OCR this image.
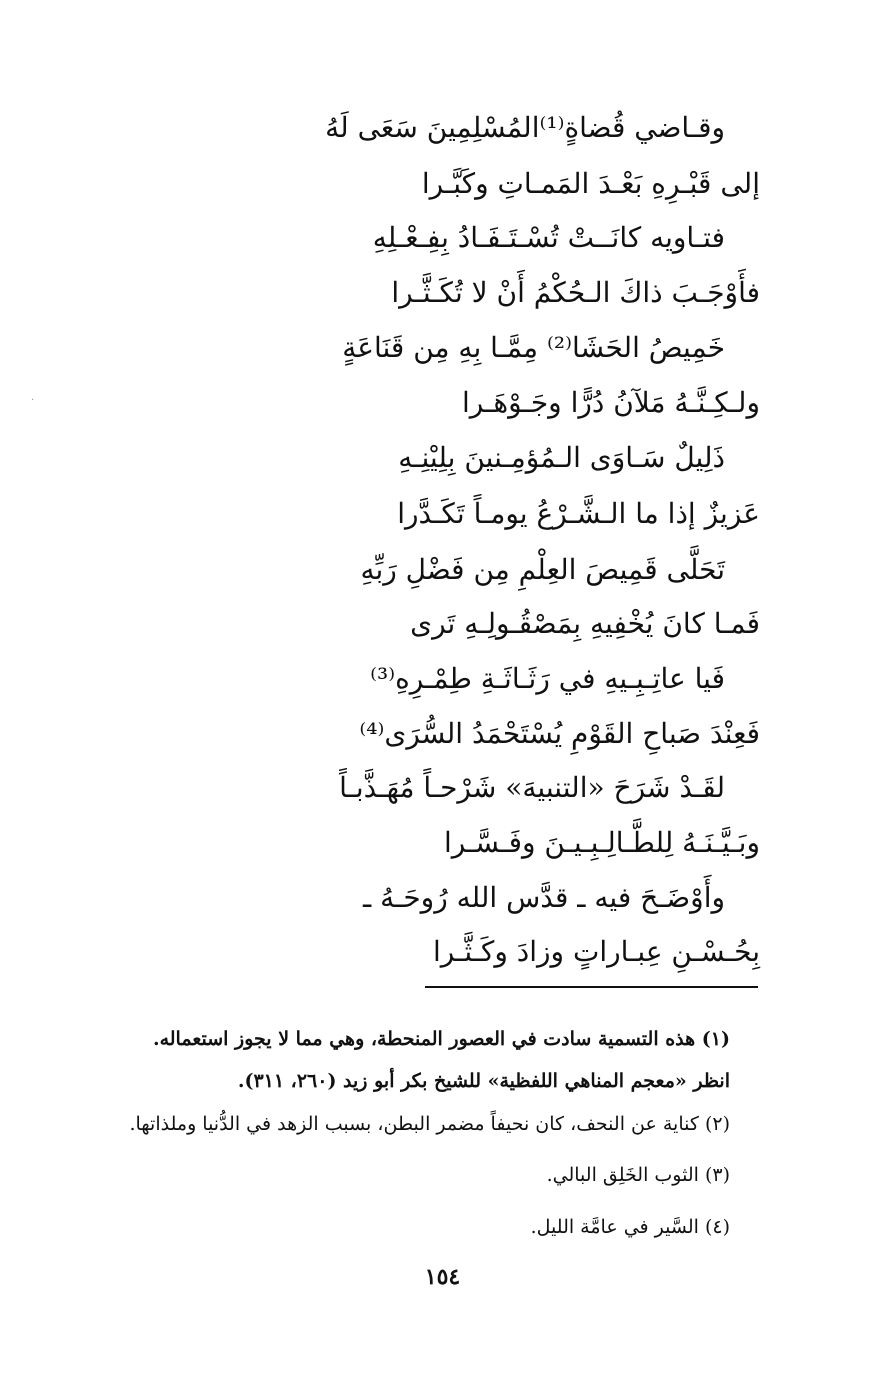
وقـاضي قُضاةٍ⁽¹⁾المُسْلِمِينَ سَعَى لَهُ
إلى قَبْـرِهِ بَعْـدَ المَمـاتِ وكَبَّـرا
فتـاويه كانَــتْ تُسْـتَـفَـادُ بِفِـعْـلِهِ
فأَوْجَـبَ ذاكَ الـحُكْمُ أَنْ لا تُكَـثَّـرا
خَمِيصُ الحَشَا⁽²⁾ مِمَّـا بِهِ مِن قَنَاعَةٍ
ولـكِـنَّـهُ مَلآنُ دُرًّا وجَـوْهَـرا
ذَلِيلٌ سَـاوَى الـمُؤمِـنينَ بِلِيْنِـهِ
عَزيزٌ إذا ما الـشَّـرْعُ يومـاً تَكَـدَّرا
تَحَلَّى قَمِيصَ العِلْمِ مِن فَضْلِ رَبِّهِ
فَمـا كانَ يُخْفِيهِ بِمَصْقُـولِـهِ تَرى
فَيا عاتِـبِـيهِ في رَثَـاثَـةِ طِمْـرِهِ⁽³⁾
فَعِنْدَ صَباحِ القَوْمِ يُسْتَحْمَدُ السُّرَى⁽⁴⁾
لقَـدْ شَرَحَ «التنبيهَ» شَرْحـاً مُهَـذَّبـاً
وبَـيَّـنَـهُ لِلطَّـالِـبِـيـنَ وفَـسَّـرا
وأَوْضَـحَ فيه ـ قدَّس الله رُوحَـهُ ـ
بِحُـسْـنِ عِبـاراتٍ وزادَ وكَـثَّـرا
·
(١) هذه التسمية سادت في العصور المنحطة، وهي مما لا يجوز استعماله.
انظر «معجم المناهي اللفظية» للشيخ بكر أبو زيد (٢٦٠، ٣١١).
(٢) كناية عن النحف، كان نحيفاً مضمر البطن، بسبب الزهد في الدُّنيا وملذاتها.
(٣) الثوب الخَلِق البالي.
(٤) السَّير في عامَّة الليل.
١٥٤
